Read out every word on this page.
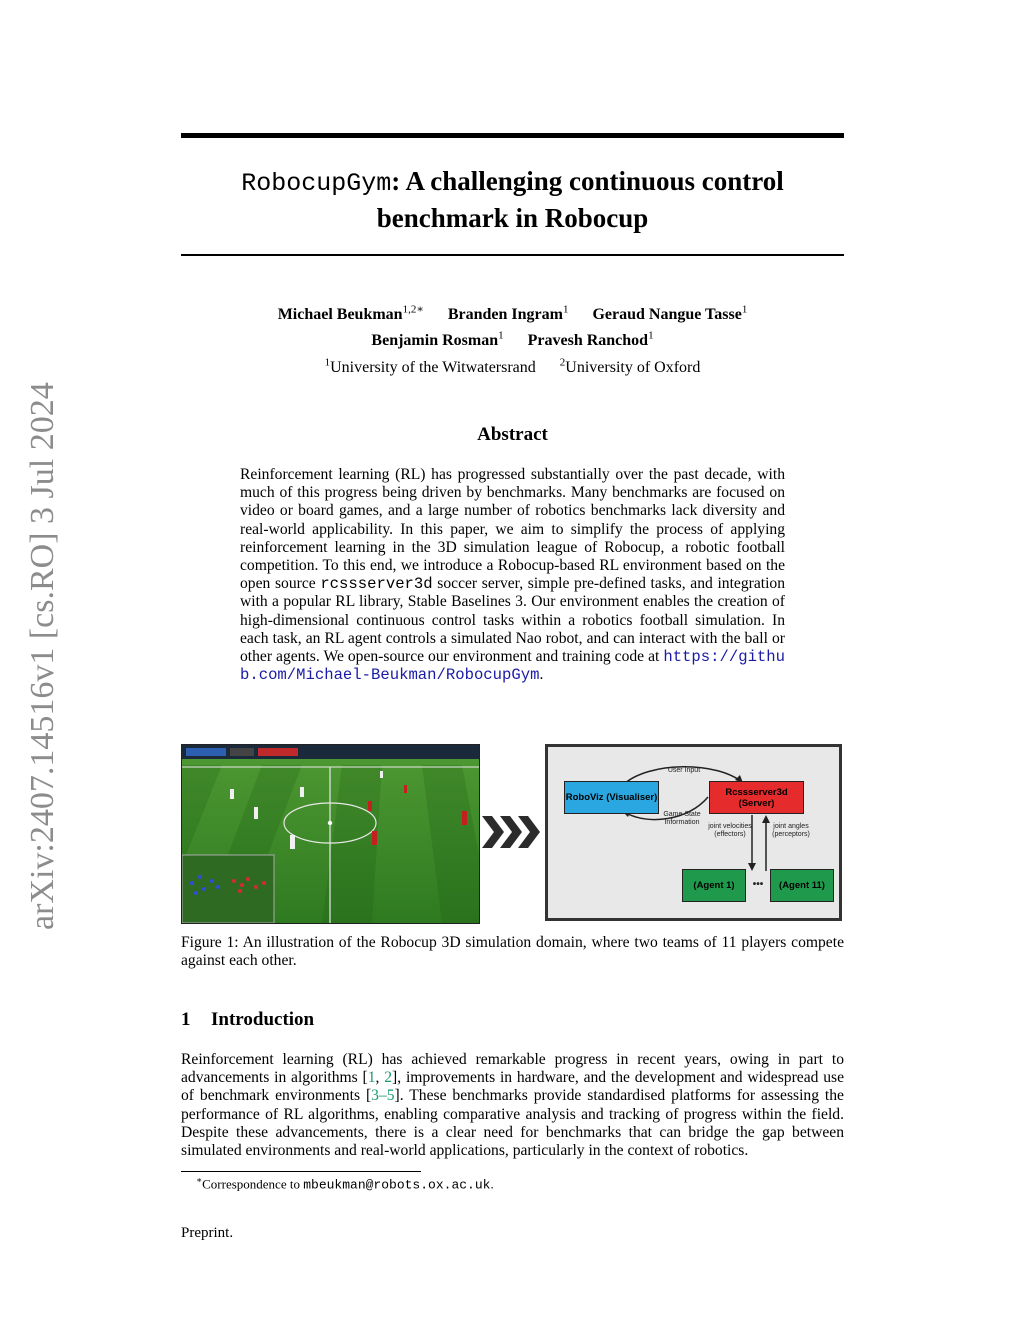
arXiv:2407.14516v1 [cs.RO] 3 Jul 2024
RobocupGym: A challenging continuous control
benchmark in Robocup
Michael Beukman$^{1,2∗}$ Branden Ingram$^1$ Geraud Nangue Tasse$^1$
Benjamin Rosman$^1$ Pravesh Ranchod$^1$
$^1$University of the Witwatersrand $^2$University of Oxford
Abstract
Reinforcement learning (RL) has progressed substantially over the past decade, with much of this progress being driven by benchmarks. Many benchmarks are focused on video or board games, and a large number of robotics benchmarks lack diversity and real-world applicability. In this paper, we aim to simplify the process of applying reinforcement learning in the 3D simulation league of Robocup, a robotic football competition. To this end, we introduce a Robocup-based RL environment based on the open source rcssserver3d soccer server, simple pre-defined tasks, and integration with a popular RL library, Stable Baselines 3. Our environment enables the creation of high-dimensional continuous control tasks within a robotics football simulation. In each task, an RL agent controls a simulated Nao robot, and can interact with the ball or other agents. We open-source our environment and training code at https://github.com/Michael-Beukman/RobocupGym.
RoboViz (Visualiser)	Rcssserver3d (Server)
User Input
Game State Information
joint velocities (effectors)
joint angles (perceptors)
(Agent 1)	•••	(Agent 11)
Figure 1: An illustration of the Robocup 3D simulation domain, where two teams of 11 players compete against each other.
1 Introduction
Reinforcement learning (RL) has achieved remarkable progress in recent years, owing in part to advancements in algorithms [1, 2], improvements in hardware, and the development and widespread use of benchmark environments [3–5]. These benchmarks provide standardised platforms for assessing the performance of RL algorithms, enabling comparative analysis and tracking of progress within the field. Despite these advancements, there is a clear need for benchmarks that can bridge the gap between simulated environments and real-world applications, particularly in the context of robotics.
∗Correspondence to mbeukman@robots.ox.ac.uk.
Preprint.
